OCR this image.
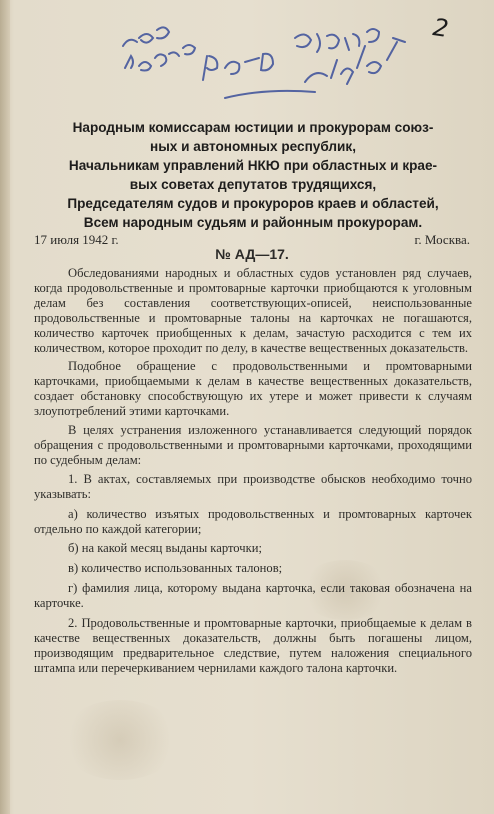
2
Народным комиссарам юстиции и прокурорам союз-
ных и автономных республик,
Начальникам управлений НКЮ при областных и крае-
вых советах депутатов трудящихся,
Председателям судов и прокуроров краев и областей,
Всем народным судьям и районным прокурорам.
17 июля 1942 г.	г. Москва.
№ АД—17.

Обследованиями народных и областных судов установлен ряд случаев, когда продовольственные и промтоварные карточки приобщаются к уголовным делам без составления соответствующих-описей, неиспользованные продовольственные и промтоварные талоны на карточках не погашаются, количество карточек приобщенных к делам, зачастую расходится с тем их количеством, которое проходит по делу, в качестве вещественных доказательств.

Подобное обращение с продовольственными и промтоварными карточками, приобщаемыми к делам в качестве вещественных доказательств, создает обстановку способствующую их утере и может привести к случаям злоупотреблений этими карточками.

В целях устранения изложенного устанавливается следующий порядок обращения с продовольственными и промтоварными карточками, проходящими по судебным делам:

1. В актах, составляемых при производстве обысков необходимо точно указывать:

а) количество изъятых продовольственных и промтоварных карточек отдельно по каждой категории;

б) на какой месяц выданы карточки;

в) количество использованных талонов;

г) фамилия лица, которому выдана карточка, если таковая обозначена на карточке.

2. Продовольственные и промтоварные карточки, приобщаемые к делам в качестве вещественных доказательств, должны быть погашены лицом, производящим предварительное следствие, путем наложения специального штампа или перечеркиванием чернилами каждого талона карточки.
